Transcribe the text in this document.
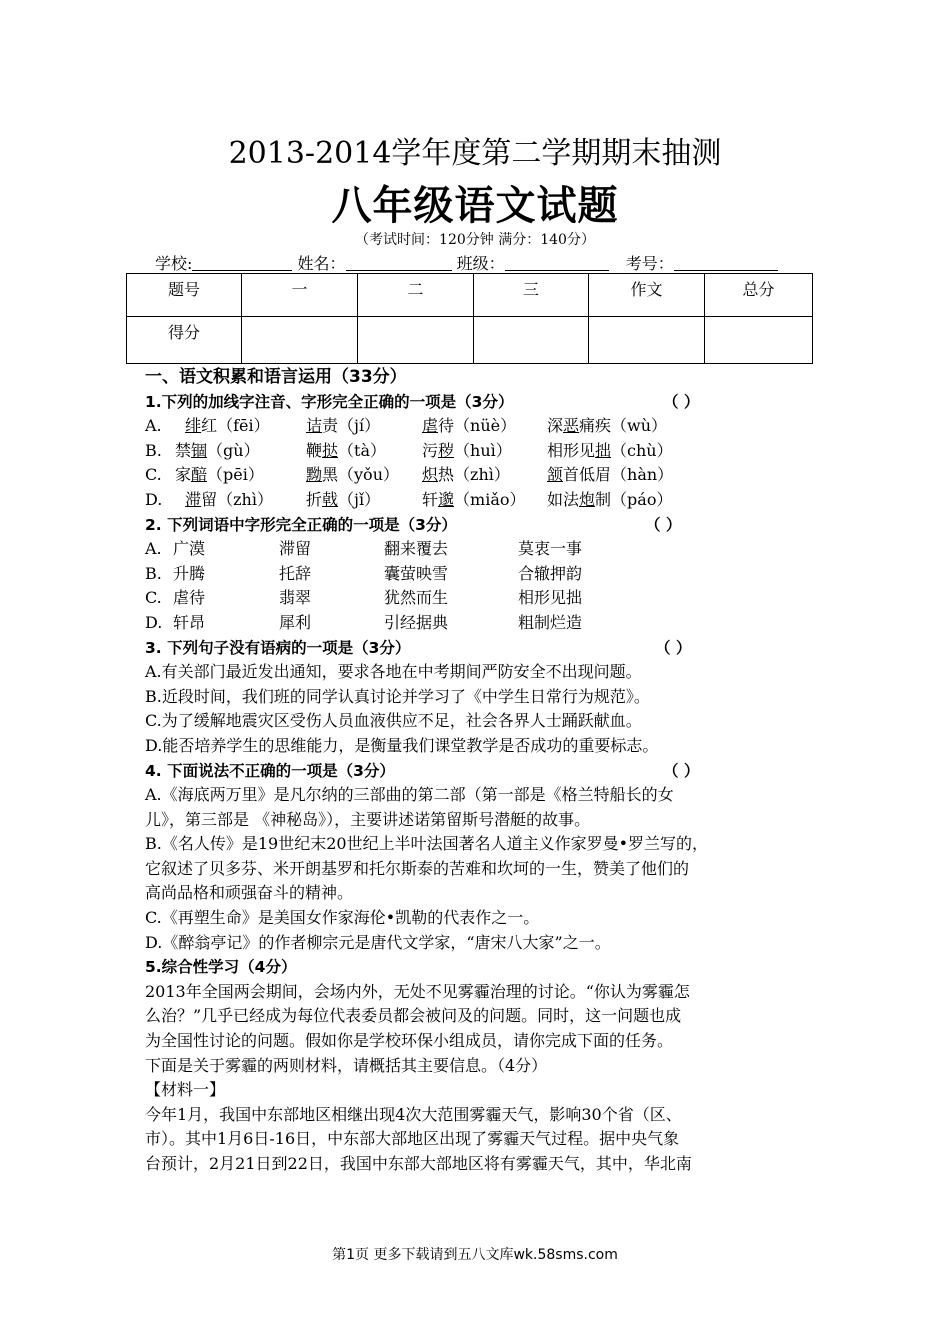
2013-2014学年度第二学期期末抽测
八年级语文试题
（考试时间：120分钟 满分：140分）
学校:	姓名：	班级：	考号：
题号	一	二	三	作文	总分
得分					
一、语文积累和语言运用（33分）
1.下列的加线字注音、字形完全正确的一项是（3分）	（ ）
A.	绯红（fēi）	诘责（jí）	虐待（nüè）	深恶痛疾（wù）
B. 禁锢（gù）	鞭挞（tà）	污秽（huì）	相形见拙（chù）
C. 家醅（pēi）	黝黑（yǒu）	炽热（zhì）	颔首低眉（hàn）
D.	滞留（zhì）	折戟（jǐ）	轩邈（miǎo）	如法炮制（páo）
2. 下列词语中字形完全正确的一项是（3分）	（ ）
A. 广漠	滞留	翻来覆去	莫衷一事
B. 升腾	托辞	囊萤映雪	合辙押韵
C. 虐待	翡翠	犹然而生	相形见拙
D. 轩昂	犀利	引经据典	粗制烂造
3. 下列句子没有语病的一项是（3分）	（ ）
A.有关部门最近发出通知，要求各地在中考期间严防安全不出现问题。
B.近段时间，我们班的同学认真讨论并学习了《中学生日常行为规范》。
C.为了缓解地震灾区受伤人员血液供应不足，社会各界人士踊跃献血。
D.能否培养学生的思维能力，是衡量我们课堂教学是否成功的重要标志。
4. 下面说法不正确的一项是（3分）	（ ）
A.《海底两万里》是凡尔纳的三部曲的第二部（第一部是《格兰特船长的女
儿》，第三部是 《神秘岛》），主要讲述诺第留斯号潜艇的故事。
B.《名人传》是19世纪末20世纪上半叶法国著名人道主义作家罗曼•罗兰写的，
它叙述了贝多芬、米开朗基罗和托尔斯泰的苦难和坎坷的一生，赞美了他们的
高尚品格和顽强奋斗的精神。
C.《再塑生命》是美国女作家海伦•凯勒的代表作之一。
D.《醉翁亭记》的作者柳宗元是唐代文学家，“唐宋八大家”之一。
5.综合性学习（4分）
2013年全国两会期间，会场内外，无处不见雾霾治理的讨论。“你认为雾霾怎
么治？”几乎已经成为每位代表委员都会被问及的问题。同时，这一问题也成
为全国性讨论的问题。假如你是学校环保小组成员，请你完成下面的任务。
下面是关于雾霾的两则材料，请概括其主要信息。（4分）
【材料一】
今年1月，我国中东部地区相继出现4次大范围雾霾天气，影响30个省（区、
市）。其中1月6日-16日，中东部大部地区出现了雾霾天气过程。据中央气象
台预计，2月21日到22日，我国中东部大部地区将有雾霾天气，其中，华北南
第1页 更多下载请到五八文库wk.58sms.com
